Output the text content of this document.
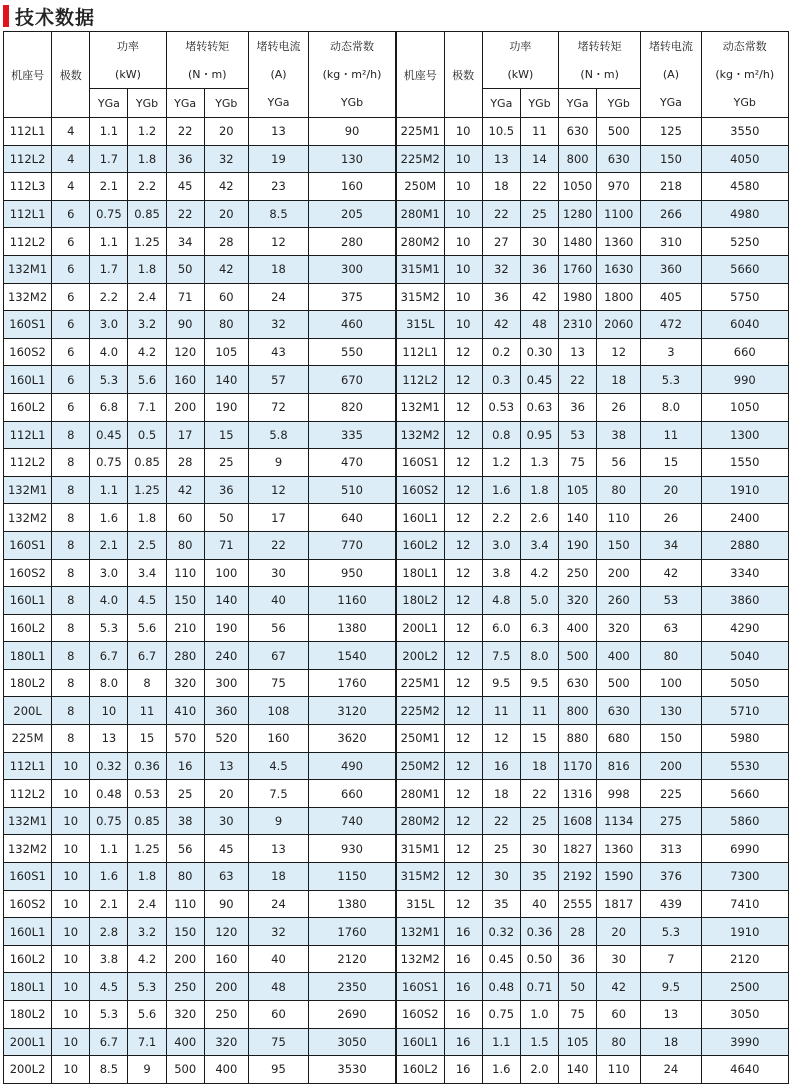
技术数据
机座号	极数	功率		堵转转矩		堵转电流	动态常数	机座号	极数	功率		堵转转矩		堵转电流	动态常数
		(kW)		(N・m)		(A)	(kg・m²/h)			(kW)		(N・m)		(A)	(kg・m²/h)
		YGa	YGb	YGa	YGb	YGa	YGb			YGa	YGb	YGa	YGb	YGa	YGb
112L1	4	1.1	1.2	22	20	13	90	225M1	10	10.5	11	630	500	125	3550
112L2	4	1.7	1.8	36	32	19	130	225M2	10	13	14	800	630	150	4050
112L3	4	2.1	2.2	45	42	23	160	250M	10	18	22	1050	970	218	4580
112L1	6	0.75	0.85	22	20	8.5	205	280M1	10	22	25	1280	1100	266	4980
112L2	6	1.1	1.25	34	28	12	280	280M2	10	27	30	1480	1360	310	5250
132M1	6	1.7	1.8	50	42	18	300	315M1	10	32	36	1760	1630	360	5660
132M2	6	2.2	2.4	71	60	24	375	315M2	10	36	42	1980	1800	405	5750
160S1	6	3.0	3.2	90	80	32	460	315L	10	42	48	2310	2060	472	6040
160S2	6	4.0	4.2	120	105	43	550	112L1	12	0.2	0.30	13	12	3	660
160L1	6	5.3	5.6	160	140	57	670	112L2	12	0.3	0.45	22	18	5.3	990
160L2	6	6.8	7.1	200	190	72	820	132M1	12	0.53	0.63	36	26	8.0	1050
112L1	8	0.45	0.5	17	15	5.8	335	132M2	12	0.8	0.95	53	38	11	1300
112L2	8	0.75	0.85	28	25	9	470	160S1	12	1.2	1.3	75	56	15	1550
132M1	8	1.1	1.25	42	36	12	510	160S2	12	1.6	1.8	105	80	20	1910
132M2	8	1.6	1.8	60	50	17	640	160L1	12	2.2	2.6	140	110	26	2400
160S1	8	2.1	2.5	80	71	22	770	160L2	12	3.0	3.4	190	150	34	2880
160S2	8	3.0	3.4	110	100	30	950	180L1	12	3.8	4.2	250	200	42	3340
160L1	8	4.0	4.5	150	140	40	1160	180L2	12	4.8	5.0	320	260	53	3860
160L2	8	5.3	5.6	210	190	56	1380	200L1	12	6.0	6.3	400	320	63	4290
180L1	8	6.7	6.7	280	240	67	1540	200L2	12	7.5	8.0	500	400	80	5040
180L2	8	8.0	8	320	300	75	1760	225M1	12	9.5	9.5	630	500	100	5050
200L	8	10	11	410	360	108	3120	225M2	12	11	11	800	630	130	5710
225M	8	13	15	570	520	160	3620	250M1	12	12	15	880	680	150	5980
112L1	10	0.32	0.36	16	13	4.5	490	250M2	12	16	18	1170	816	200	5530
112L2	10	0.48	0.53	25	20	7.5	660	280M1	12	18	22	1316	998	225	5660
132M1	10	0.75	0.85	38	30	9	740	280M2	12	22	25	1608	1134	275	5860
132M2	10	1.1	1.25	56	45	13	930	315M1	12	25	30	1827	1360	313	6990
160S1	10	1.6	1.8	80	63	18	1150	315M2	12	30	35	2192	1590	376	7300
160S2	10	2.1	2.4	110	90	24	1380	315L	12	35	40	2555	1817	439	7410
160L1	10	2.8	3.2	150	120	32	1760	132M1	16	0.32	0.36	28	20	5.3	1910
160L2	10	3.8	4.2	200	160	40	2120	132M2	16	0.45	0.50	36	30	7	2120
180L1	10	4.5	5.3	250	200	48	2350	160S1	16	0.48	0.71	50	42	9.5	2500
180L2	10	5.3	5.6	320	250	60	2690	160S2	16	0.75	1.0	75	60	13	3050
200L1	10	6.7	7.1	400	320	75	3050	160L1	16	1.1	1.5	105	80	18	3990
200L2	10	8.5	9	500	400	95	3530	160L2	16	1.6	2.0	140	110	24	4640
